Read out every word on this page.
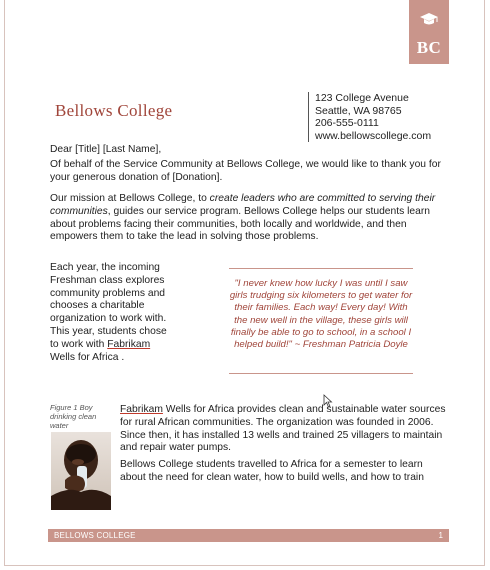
BC
Bellows College
123 College Avenue
Seattle, WA 98765
206-555-0111
www.bellowscollege.com
Dear [Title] [Last Name],
Of behalf of the Service Community at Bellows College, we would like to thank you for your generous donation of [Donation].
Our mission at Bellows College, to create leaders who are committed to serving their communities, guides our service program. Bellows College helps our students learn about problems facing their communities, both locally and worldwide, and then empowers them to take the lead in solving those problems.
Each year, the incoming Freshman class explores community problems and chooses a charitable organization to work with. This year, students chose to work with Fabrikam Wells for Africa .
"I never knew how lucky I was until I saw girls trudging six kilometers to get water for their families. Each way! Every day! With the new well in the village, these girls will finally be able to go to school, in a school I helped build!" ~ Freshman Patricia Doyle
Figure 1 Boy drinking clean water
Fabrikam Wells for Africa provides clean and sustainable water sources for rural African communities. The organization was founded in 2006. Since then, it has installed 13 wells and trained 25 villagers to maintain and repair water pumps.
Bellows College students travelled to Africa for a semester to learn about the need for clean water, how to build wells, and how to train
BELLOWS COLLEGE	1
